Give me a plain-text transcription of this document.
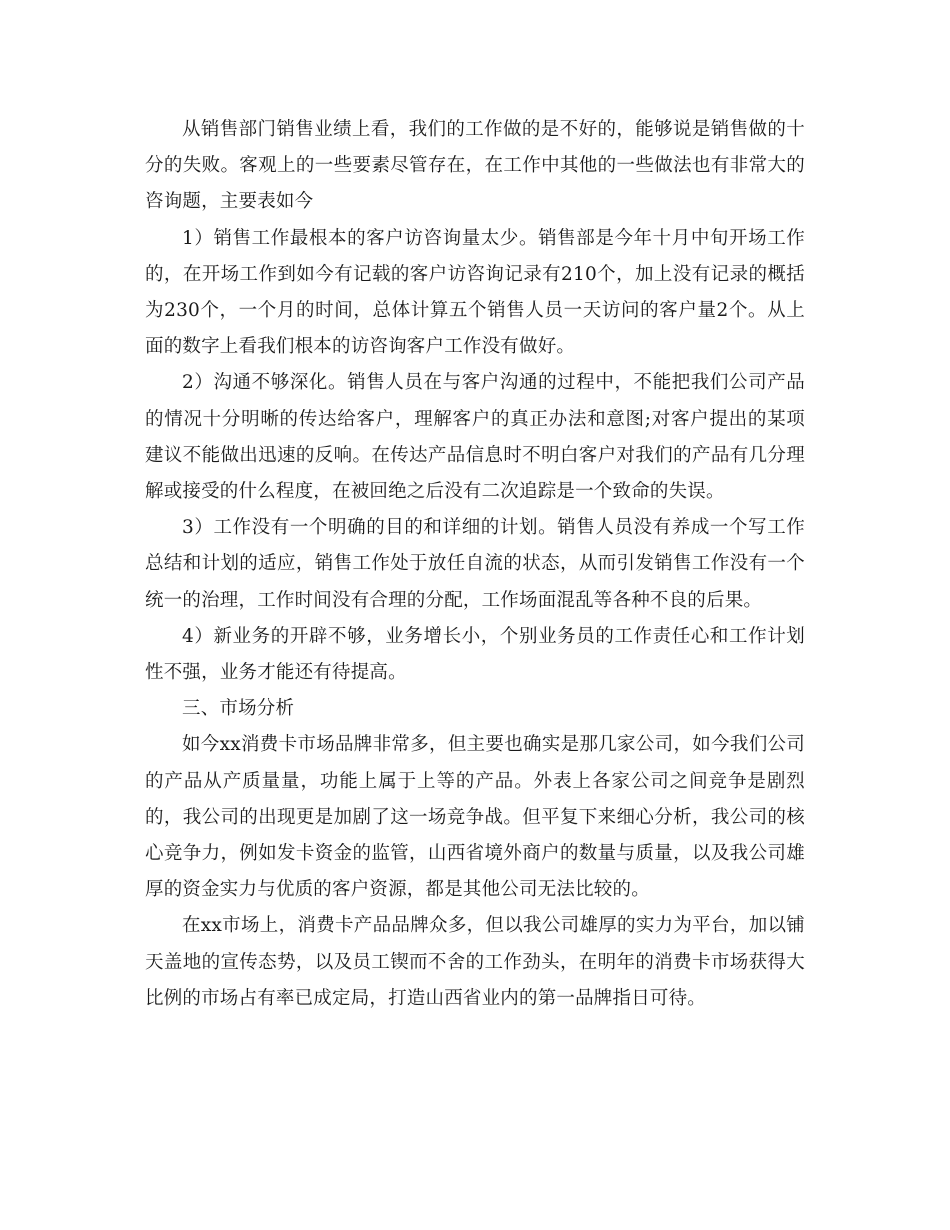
从销售部门销售业绩上看，我们的工作做的是不好的，能够说是销售做的十分的失败。客观上的一些要素尽管存在，在工作中其他的一些做法也有非常大的咨询题，主要表如今

1）销售工作最根本的客户访咨询量太少。销售部是今年十月中旬开场工作的，在开场工作到如今有记载的客户访咨询记录有210个，加上没有记录的概括为230个，一个月的时间，总体计算五个销售人员一天访问的客户量2个。从上面的数字上看我们根本的访咨询客户工作没有做好。

2）沟通不够深化。销售人员在与客户沟通的过程中，不能把我们公司产品的情况十分明晰的传达给客户，理解客户的真正办法和意图;对客户提出的某项建议不能做出迅速的反响。在传达产品信息时不明白客户对我们的产品有几分理解或接受的什么程度，在被回绝之后没有二次追踪是一个致命的失误。

3）工作没有一个明确的目的和详细的计划。销售人员没有养成一个写工作总结和计划的适应，销售工作处于放任自流的状态，从而引发销售工作没有一个统一的治理，工作时间没有合理的分配，工作场面混乱等各种不良的后果。

4）新业务的开辟不够，业务增长小，个别业务员的工作责任心和工作计划性不强，业务才能还有待提高。

三、市场分析

如今xx消费卡市场品牌非常多，但主要也确实是那几家公司，如今我们公司的产品从产质量量，功能上属于上等的产品。外表上各家公司之间竞争是剧烈的，我公司的出现更是加剧了这一场竞争战。但平复下来细心分析，我公司的核心竞争力，例如发卡资金的监管，山西省境外商户的数量与质量，以及我公司雄厚的资金实力与优质的客户资源，都是其他公司无法比较的。

在xx市场上，消费卡产品品牌众多，但以我公司雄厚的实力为平台，加以铺天盖地的宣传态势，以及员工锲而不舍的工作劲头，在明年的消费卡市场获得大比例的市场占有率已成定局，打造山西省业内的第一品牌指日可待。
